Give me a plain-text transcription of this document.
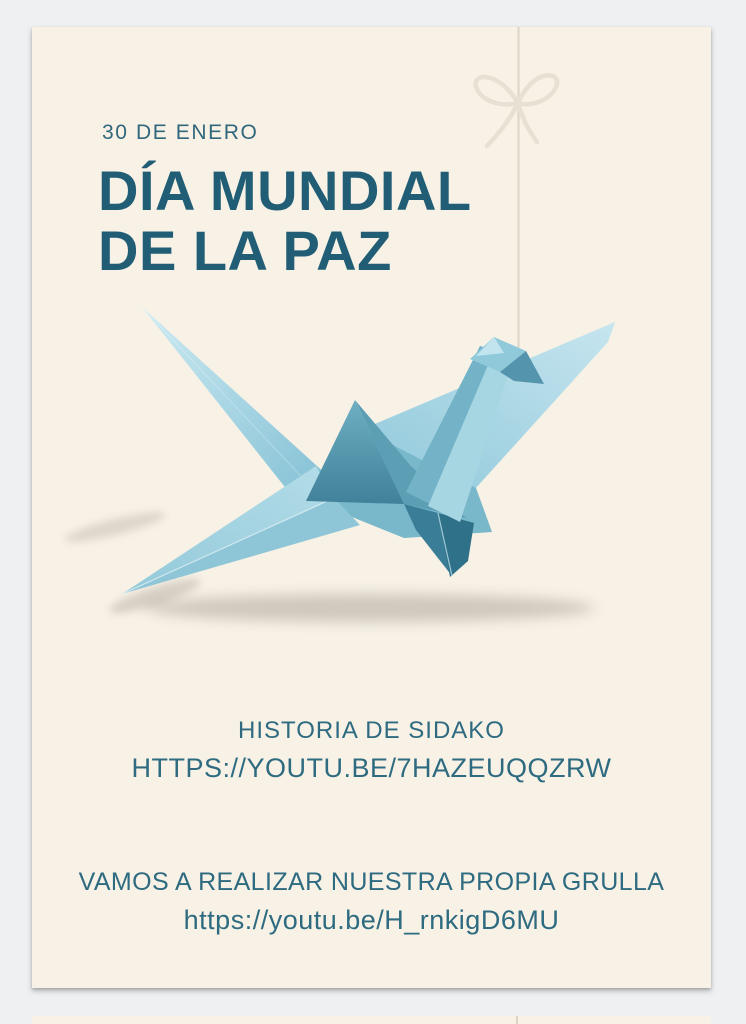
30 DE ENERO
DÍA MUNDIAL
DE LA PAZ
HISTORIA DE SIDAKO
HTTPS://YOUTU.BE/7HAZEUQQZRW
VAMOS A REALIZAR NUESTRA PROPIA GRULLA
https://youtu.be/H_rnkigD6MU
